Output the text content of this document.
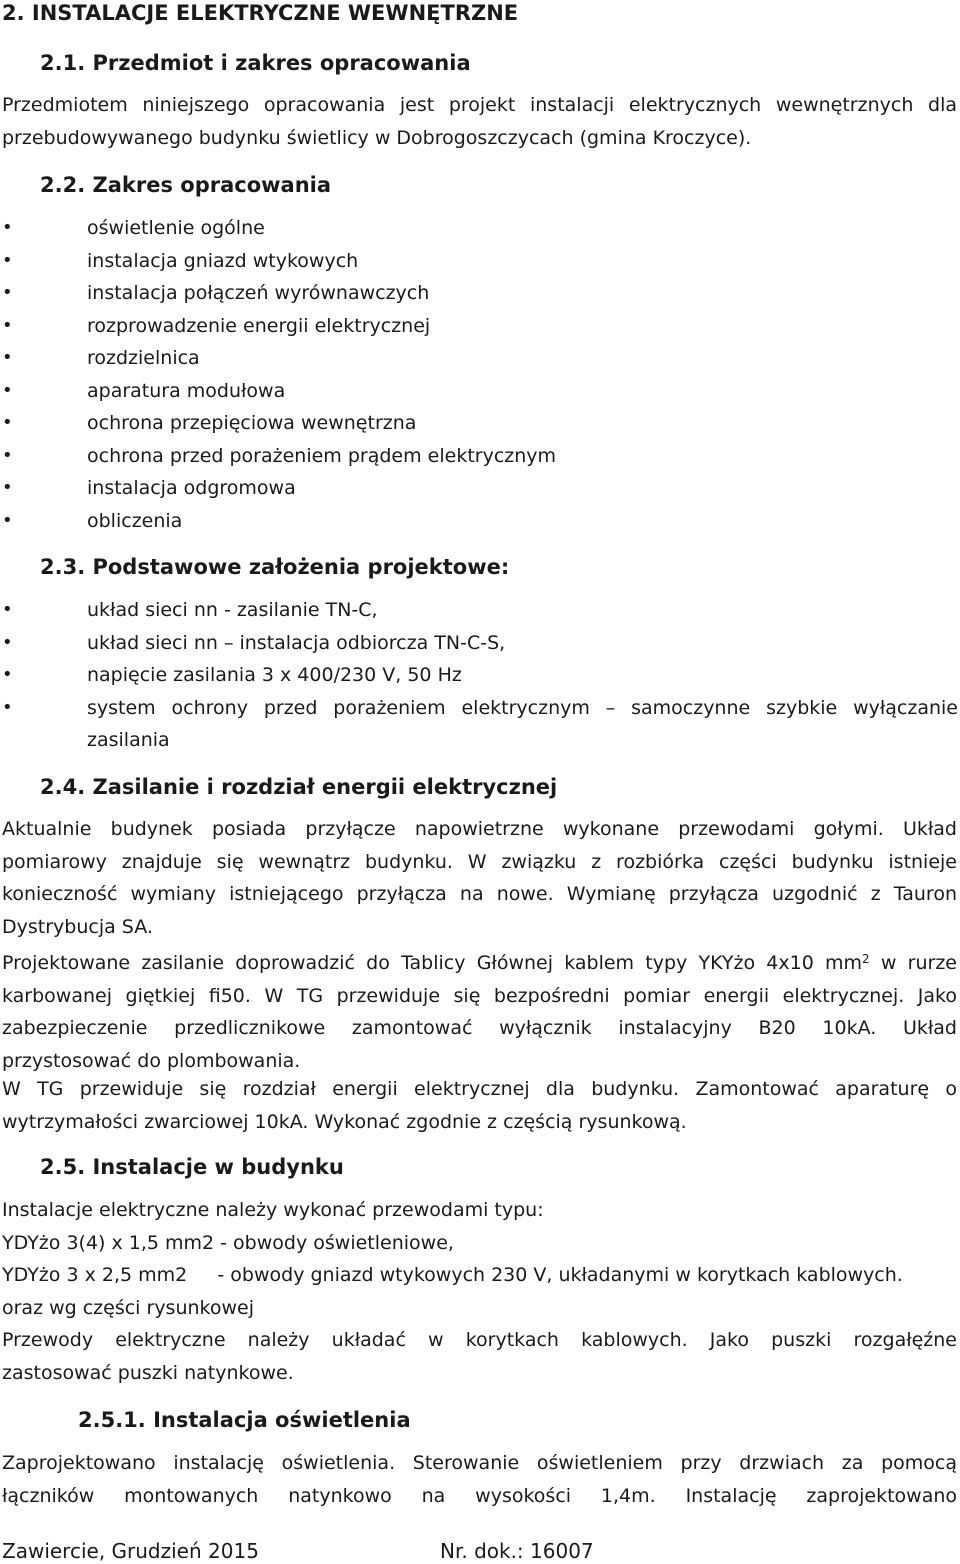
2. INSTALACJE ELEKTRYCZNE WEWNĘTRZNE
2.1. Przedmiot i zakres opracowania
Przedmiotem niniejszego opracowania jest projekt instalacji elektrycznych wewnętrznych dla
przebudowywanego budynku świetlicy w Dobrogoszczycach (gmina Kroczyce).
2.2. Zakres opracowania
•	oświetlenie ogólne
•	instalacja gniazd wtykowych
•	instalacja połączeń wyrównawczych
•	rozprowadzenie energii elektrycznej
•	rozdzielnica
•	aparatura modułowa
•	ochrona przepięciowa wewnętrzna
•	ochrona przed porażeniem prądem elektrycznym
•	instalacja odgromowa
•	obliczenia
2.3. Podstawowe założenia projektowe:
•	układ sieci nn - zasilanie TN-C,
•	układ sieci nn – instalacja odbiorcza TN-C-S,
•	napięcie zasilania 3 x 400/230 V, 50 Hz
•	system ochrony przed porażeniem elektrycznym – samoczynne szybkie wyłączanie
zasilania
2.4. Zasilanie i rozdział energii elektrycznej
Aktualnie budynek posiada przyłącze napowietrzne wykonane przewodami gołymi. Układ
pomiarowy znajduje się wewnątrz budynku. W związku z rozbiórka części budynku istnieje
konieczność wymiany istniejącego przyłącza na nowe. Wymianę przyłącza uzgodnić z Tauron
Dystrybucja SA.
Projektowane zasilanie doprowadzić do Tablicy Głównej kablem typy YKYżo 4x10 $mm^2$ w rurze
karbowanej giętkiej fi50. W TG przewiduje się bezpośredni pomiar energii elektrycznej. Jako
zabezpieczenie przedlicznikowe zamontować wyłącznik instalacyjny B20 10kA. Układ
przystosować do plombowania.
W TG przewiduje się rozdział energii elektrycznej dla budynku. Zamontować aparaturę o
wytrzymałości zwarciowej 10kA. Wykonać zgodnie z częścią rysunkową.
2.5. Instalacje w budynku
Instalacje elektryczne należy wykonać przewodami typu:
YDYżo 3(4) x 1,5 mm2 - obwody oświetleniowe,
YDYżo 3 x 2,5 mm2     - obwody gniazd wtykowych 230 V, układanymi w korytkach kablowych.
oraz wg części rysunkowej
Przewody elektryczne należy układać w korytkach kablowych. Jako puszki rozgałęźne
zastosować puszki natynkowe.
2.5.1. Instalacja oświetlenia
Zaprojektowano instalację oświetlenia. Sterowanie oświetleniem przy drzwiach za pomocą
łączników montowanych natynkowo na wysokości 1,4m. Instalację zaprojektowano
Zawiercie, Grudzień 2015	Nr. dok.: 16007
